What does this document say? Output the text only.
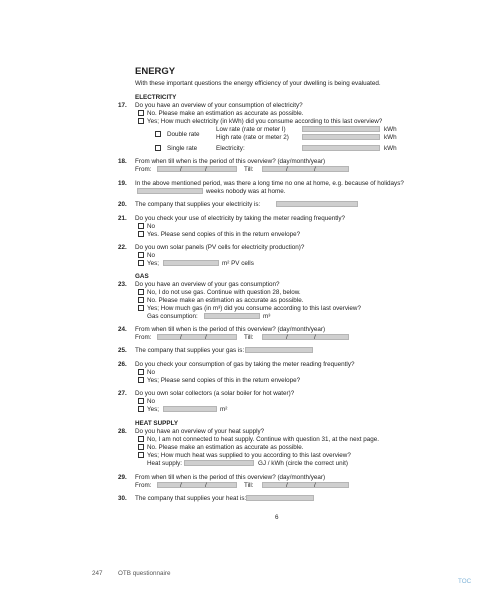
ENERGY
With these important questions the energy efficiency of your dwelling is being evaluated.
ELECTRICITY
17. Do you have an overview of your consumption of electricity?
No. Please make an estimation as accurate as possible.
Yes; How much electricity (in kWh) did you consume according to this last overview?
Double rate
Low rate (rate or meter I)	kWh
High rate (rate or meter 2)	kWh
Single rate	Electricity:	kWh
18. From when till when is the period of this overview? (day/month/year)
From:	/	/	Till:	/	/
19. In the above mentioned period, was there a long time no one at home, e.g. because of holidays?
weeks nobody was at home.
20. The company that supplies your electricity is:
21. Do you check your use of electricity by taking the meter reading frequently?
No
Yes. Please send copies of this in the return envelope?
22. Do you own solar panels (PV cells for electricity production)?
No
Yes;	m² PV cells
GAS
23. Do you have an overview of your gas consumption?
No, I do not use gas. Continue with question 28, below.
No. Please make an estimation as accurate as possible.
Yes; How much gas (in m³) did you consume according to this last overview?
Gas consumption:	m³
24. From when till when is the period of this overview? (day/month/year)
From:	/	/	Till:	/	/
25. The company that supplies your gas is:
26. Do you check your consumption of gas by taking the meter reading frequently?
No
Yes; Please send copies of this in the return envelope?
27. Do you own solar collectors (a solar boiler for hot water)?
No
Yes;	m²
HEAT SUPPLY
28. Do you have an overview of your heat supply?
No, I am not connected to heat supply. Continue with question 31, at the next page.
No. Please make an estimation as accurate as possible.
Yes; How much heat was supplied to you according to this last overview?
Heat supply:	GJ / kWh (circle the correct unit)
29. From when till when is the period of this overview? (day/month/year)
From:	/	/	Till:	/	/
30. The company that supplies your heat is:
6
247 OTB questionnaire
TOC
